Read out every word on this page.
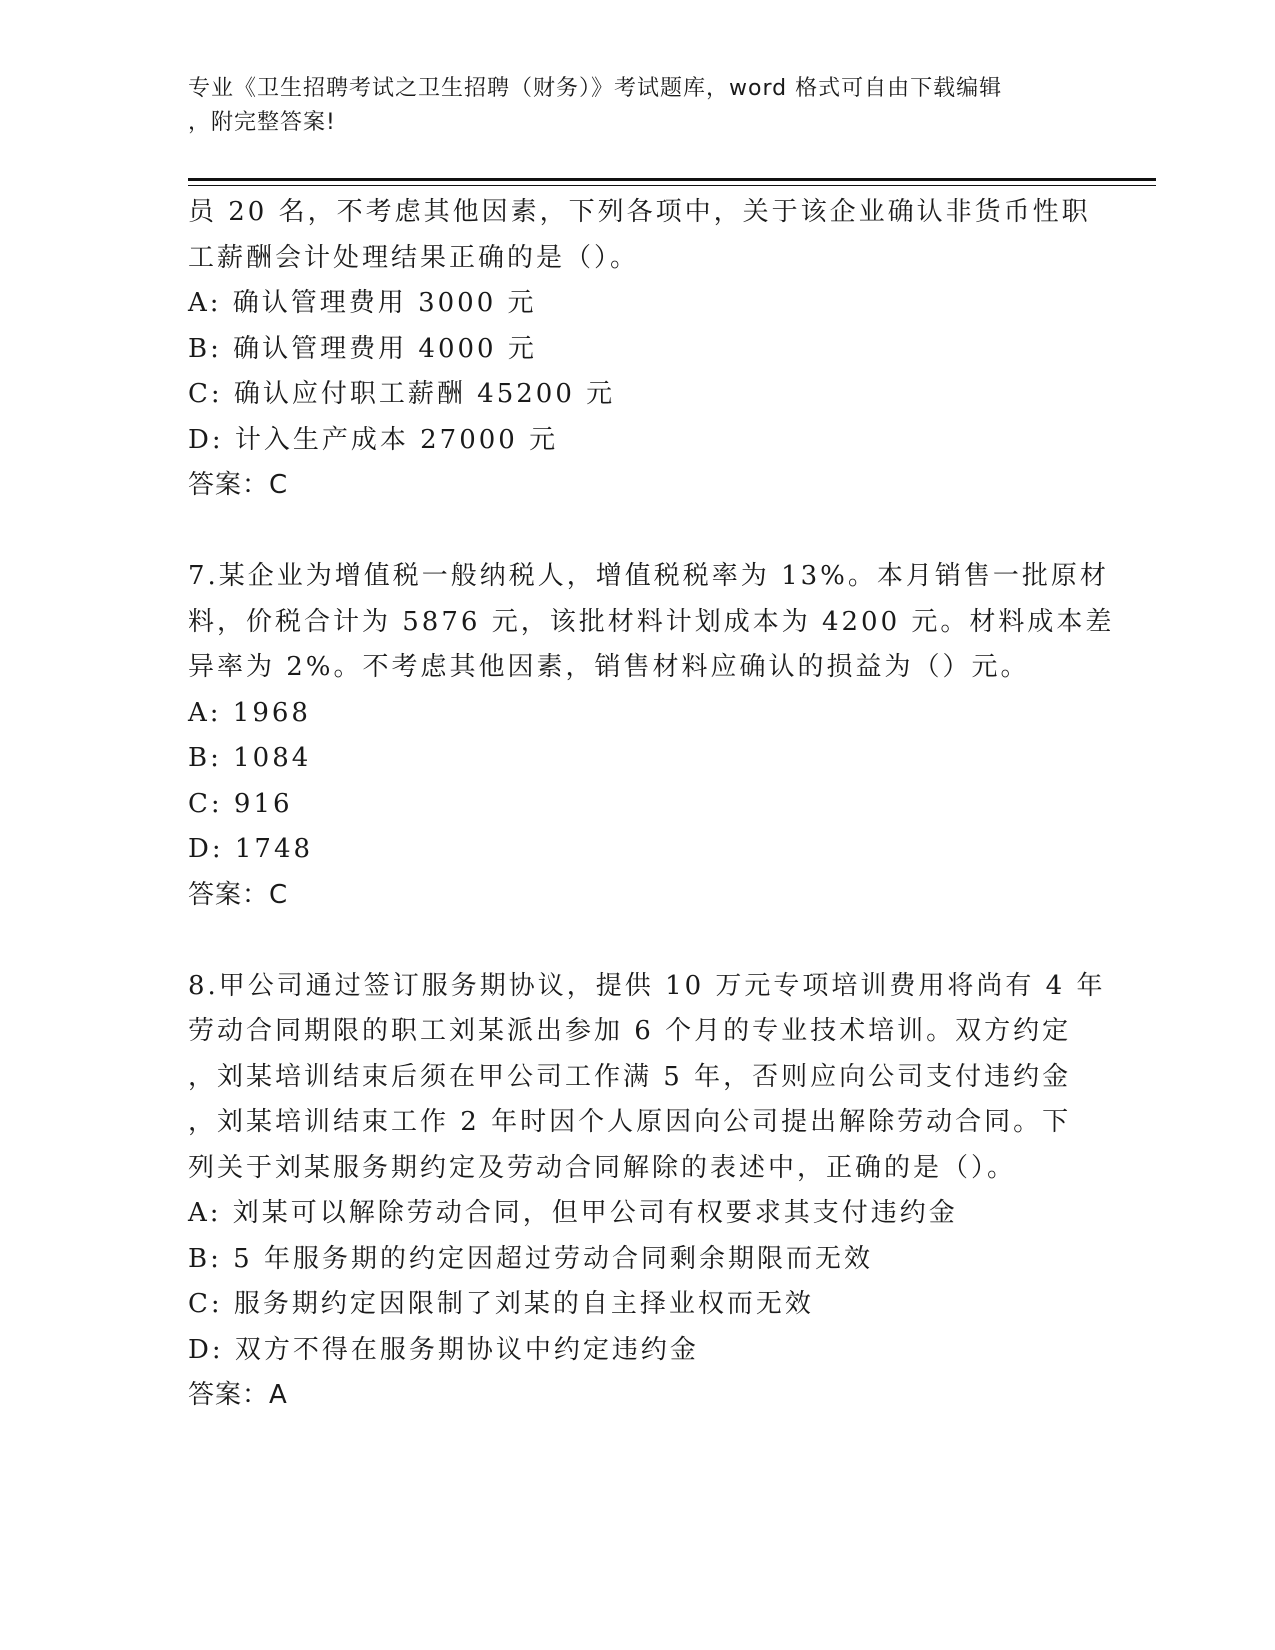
专业《卫生招聘考试之卫生招聘（财务）》考试题库，word 格式可自由下载编辑
，附完整答案!
员 20 名，不考虑其他因素，下列各项中，关于该企业确认非货币性职
工薪酬会计处理结果正确的是（）。
A: 确认管理费用 3000 元
B: 确认管理费用 4000 元
C: 确认应付职工薪酬 45200 元
D: 计入生产成本 27000 元
答案：C
7.某企业为增值税一般纳税人，增值税税率为 13%。本月销售一批原材
料，价税合计为 5876 元，该批材料计划成本为 4200 元。材料成本差
异率为 2%。不考虑其他因素，销售材料应确认的损益为（）元。
A: 1968
B: 1084
C: 916
D: 1748
答案：C
8.甲公司通过签订服务期协议，提供 10 万元专项培训费用将尚有 4 年
劳动合同期限的职工刘某派出参加 6 个月的专业技术培训。双方约定
，刘某培训结束后须在甲公司工作满 5 年，否则应向公司支付违约金
，刘某培训结束工作 2 年时因个人原因向公司提出解除劳动合同。下
列关于刘某服务期约定及劳动合同解除的表述中，正确的是（）。
A: 刘某可以解除劳动合同，但甲公司有权要求其支付违约金
B: 5 年服务期的约定因超过劳动合同剩余期限而无效
C: 服务期约定因限制了刘某的自主择业权而无效
D: 双方不得在服务期协议中约定违约金
答案：A
